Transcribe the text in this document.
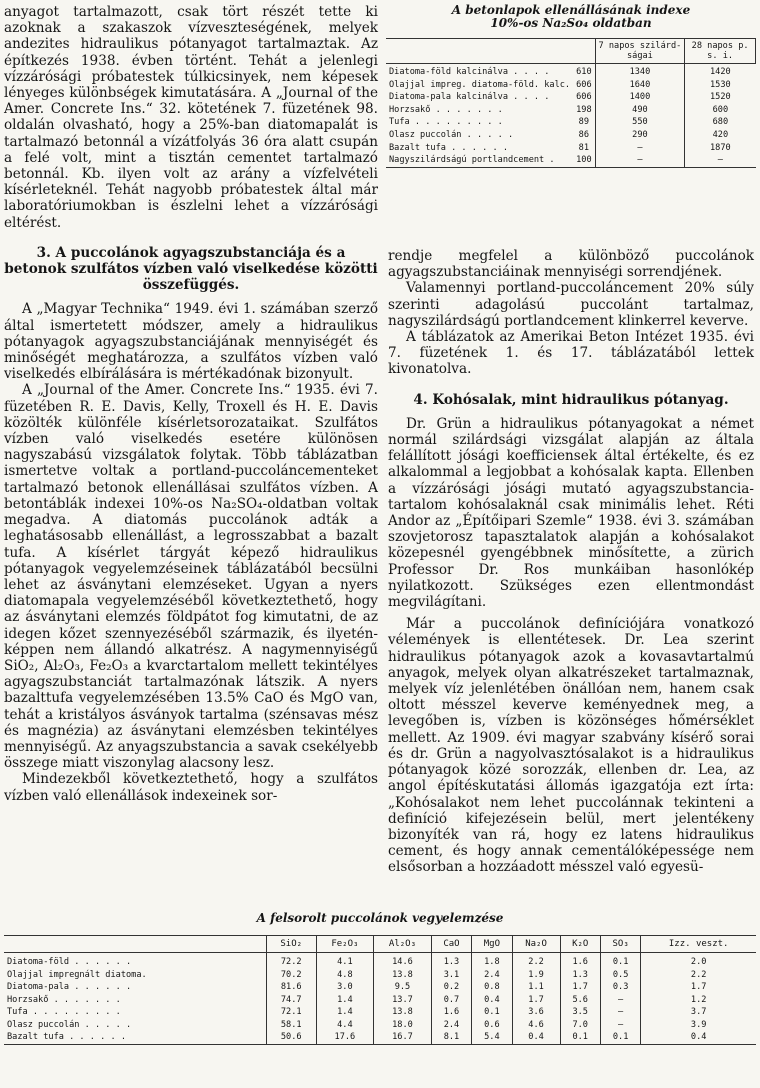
anyagot tartalmazott, csak tört részét tette ki azoknak a szakaszok vízveszteségének, melyek andezites hidraulikus pótanyagot tartalmaztak. Az építkezés 1938. évben történt. Tehát a jelenlegi vízzárósági próbatestek túlkicsinyek, nem képesek lényeges különbségek kimutatására. A „Journal of the Amer. Concrete Ins.“ 32. kötetének 7. füzetének 98. oldalán olvasható, hogy a 25%-ban diatomapalát is tartalmazó betonnál a vízátfolyás 36 óra alatt csupán a felé volt, mint a tisztán cementet tartalmazó betonnál. Kb. ilyen volt az arány a vízfelvételi kísérleteknél. Tehát nagyobb próbatestek által már laboratóriumokban is észlelni lehet a vízzárósági eltérést.

3. A puccolánok agyagszubstanciája és a betonok szulfátos vízben való viselkedése közötti összefüggés.

A „Magyar Technika“ 1949. évi 1. számában szerző által ismertetett módszer, amely a hidraulikus pótanyagok agyagszubstanciájának mennyiségét és minőségét meghatározza, a szulfátos vízben való viselkedés elbírálására is mértékadónak bizonyult.

A „Journal of the Amer. Concrete Ins.“ 1935. évi 7. füzetében R. E. Davis, Kelly, Troxell és H. E. Davis közölték különféle kísérletsorozataikat. Szulfátos vízben való viselkedés esetére különösen nagyszabású vizsgálatok folytak. Több táblázatban ismertetve voltak a portland-puccoláncementeket tartalmazó betonok ellenállásai szulfátos vízben. A betontáblák indexei 10%-os Na₂SO₄-oldatban voltak megadva. A diatomás puccolánok adták a leghatásosabb ellenállást, a legrosszabbat a bazalt tufa. A kísérlet tárgyát képező hidraulikus pótanyagok vegyelemzéseinek táblázatából becsülni lehet az ásványtani elemzéseket. Ugyan a nyers diatomapala vegyelemzéséből következtethető, hogy az ásványtani elemzés földpátot fog kimutatni, de az idegen kőzet szennyezéséből származik, és ilyeténképpen nem állandó alkatrész. A nagymennyiségű SiO₂, Al₂O₃, Fe₂O₃ a kvarctartalom mellett tekintélyes agyagszubstanciát tartalmazónak látszik. A nyers bazalttufa vegyelemzésében 13.5% CaO és MgO van, tehát a kristályos ásványok tartalma (szénsavas mész és magnézia) az ásványtani elemzésben tekintélyes mennyiségű. Az anyagszubstancia a savak csekélyebb összege miatt viszonylag alacsony lesz.

Mindezekből következtethető, hogy a szulfátos vízben való ellenállások indexeinek sor-

A betonlapok ellenállásának indexe

10%-os Na₂So₄ oldatban

		7 napos szilárd-ságai	28 napos p. s. i.
Diatoma-föld kalcinálva . . . .	610	1340	1420
Olajjal impreg. diatoma-föld. kalc.	606	1640	1530
Diatoma-pala kalcinálva . . . .	606	1400	1520
Horzsakő . . . . . . .	198	490	600
Tufa . . . . . . . . .	89	550	680
Olasz puccolán . . . . .	86	290	420
Bazalt tufa . . . . . .	81	—	1870
Nagyszilárdságú portlandcement .	100	—	—

rendje megfelel a különböző puccolánok agyagszubstanciáinak mennyiségi sorrendjének.

Valamennyi portland-puccoláncement 20% súly szerinti adagolású puccolánt tartalmaz, nagyszilárdságú portlandcement klinkerrel keverve.

A táblázatok az Amerikai Beton Intézet 1935. évi 7. füzetének 1. és 17. táblázatából lettek kivonatolva.

4. Kohósalak, mint hidraulikus pótanyag.

Dr. Grün a hidraulikus pótanyagokat a német normál szilárdsági vizsgálat alapján az általa felállított jósági koefficiensek által értékelte, és ez alkalommal a legjobbat a kohósalak kapta. Ellenben a vízzárósági jósági mutató agyagszubstancia-tartalom kohósalaknál csak minimális lehet. Réti Andor az „Építőipari Szemle“ 1938. évi 3. számában szovjetorosz tapasztalatok alapján a kohósalakot közepesnél gyengébbnek minősítette, a zürich Professor Dr. Ros munkáiban hasonlókép nyilatkozott. Szükséges ezen ellentmondást megvilágítani.

Már a puccolánok definíciójára vonatkozó vélemények is ellentétesek. Dr. Lea szerint hidraulikus pótanyagok azok a kovasavtartalmú anyagok, melyek olyan alkatrészeket tartalmaznak, melyek víz jelenlétében önállóan nem, hanem csak oltott mésszel keverve keményednek meg, a levegőben is, vízben is közönséges hőmérséklet mellett. Az 1909. évi magyar szabvány kísérő sorai és dr. Grün a nagyolvasztósalakot is a hidraulikus pótanyagok közé sorozzák, ellenben dr. Lea, az angol építéskutatási állomás igazgatója ezt írta: „Kohósalakot nem lehet puccolánnak tekinteni a definíció kifejezésein belül, mert jelentékeny bizonyíték van rá, hogy ez latens hidraulikus cement, és hogy annak cementálóképessége nem elsősorban a hozzáadott mésszel való egyesü-

A felsorolt puccolánok vegyelemzése

	SiO₂	Fe₂O₃	Al₂O₃	CaO	MgO	Na₂O	K₂O	SO₃	Izz. veszt.
Diatoma-föld . . . . . .	72.2	4.1	14.6	1.3	1.8	2.2	1.6	0.1	2.0
Olajjal impregnált diatoma.	70.2	4.8	13.8	3.1	2.4	1.9	1.3	0.5	2.2
Diatoma-pala . . . . . .	81.6	3.0	9.5	0.2	0.8	1.1	1.7	0.3	1.7
Horzsakő . . . . . . .	74.7	1.4	13.7	0.7	0.4	1.7	5.6	—	1.2
Tufa . . . . . . . . .	72.1	1.4	13.8	1.6	0.1	3.6	3.5	—	3.7
Olasz puccolán . . . . .	58.1	4.4	18.0	2.4	0.6	4.6	7.0	—	3.9
Bazalt tufa . . . . . .	50.6	17.6	16.7	8.1	5.4	0.4	0.1	0.1	0.4
